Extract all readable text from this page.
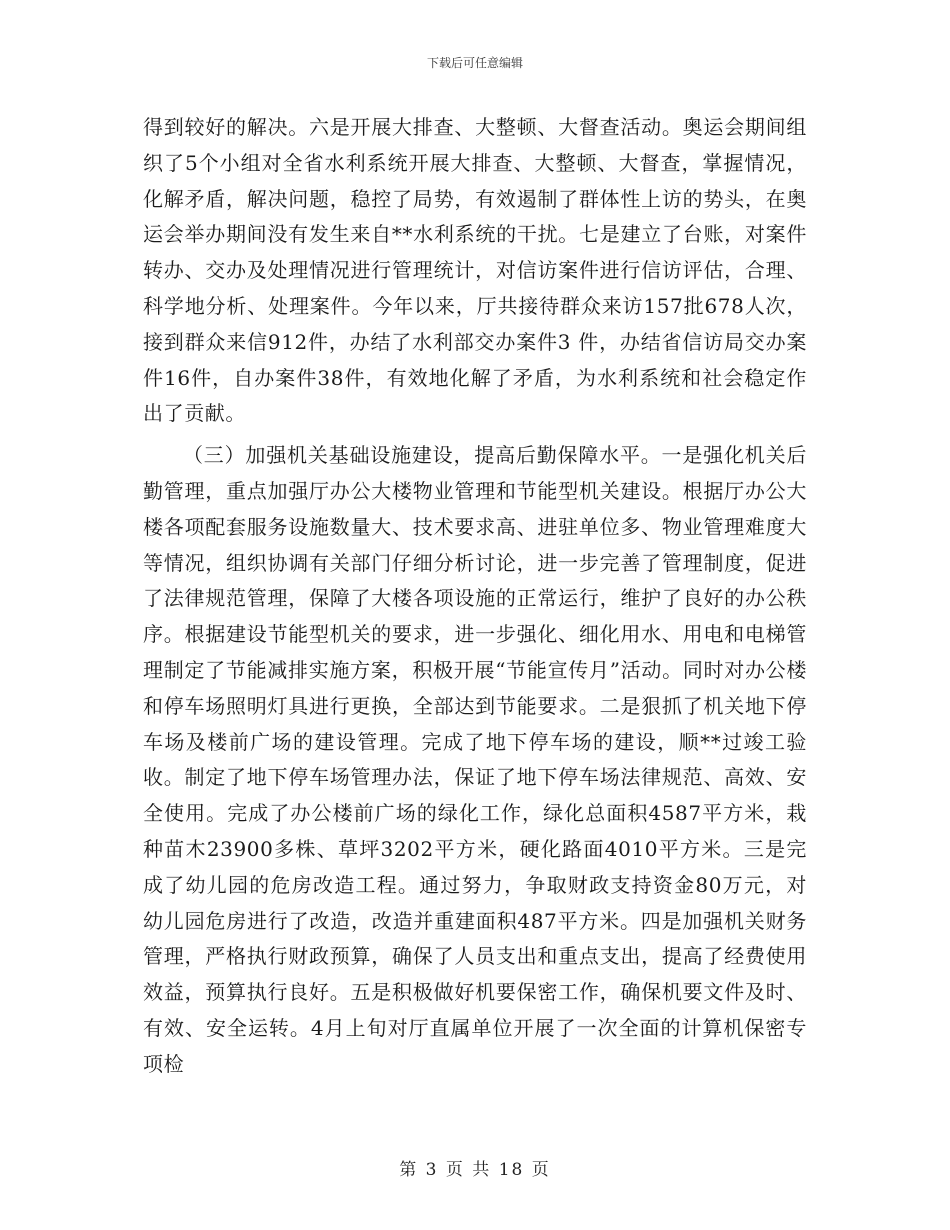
下载后可任意编辑

得到较好的解决。六是开展大排查、大整顿、大督查活动。奥运会期间组织了5个小组对全省水利系统开展大排查、大整顿、大督查，掌握情况，化解矛盾，解决问题，稳控了局势，有效遏制了群体性上访的势头，在奥运会举办期间没有发生来自**水利系统的干扰。七是建立了台账，对案件转办、交办及处理情况进行管理统计，对信访案件进行信访评估，合理、科学地分析、处理案件。今年以来，厅共接待群众来访157批678人次，接到群众来信912件，办结了水利部交办案件3 件，办结省信访局交办案件16件，自办案件38件，有效地化解了矛盾，为水利系统和社会稳定作出了贡献。

（三）加强机关基础设施建设，提高后勤保障水平。一是强化机关后勤管理，重点加强厅办公大楼物业管理和节能型机关建设。根据厅办公大楼各项配套服务设施数量大、技术要求高、进驻单位多、物业管理难度大等情况，组织协调有关部门仔细分析讨论，进一步完善了管理制度，促进了法律规范管理，保障了大楼各项设施的正常运行，维护了良好的办公秩序。根据建设节能型机关的要求，进一步强化、细化用水、用电和电梯管理制定了节能减排实施方案，积极开展“节能宣传月”活动。同时对办公楼和停车场照明灯具进行更换，全部达到节能要求。二是狠抓了机关地下停车场及楼前广场的建设管理。完成了地下停车场的建设，顺**过竣工验收。制定了地下停车场管理办法，保证了地下停车场法律规范、高效、安全使用。完成了办公楼前广场的绿化工作，绿化总面积4587平方米，栽种苗木23900多株、草坪3202平方米，硬化路面4010平方米。三是完成了幼儿园的危房改造工程。通过努力，争取财政支持资金80万元，对幼儿园危房进行了改造，改造并重建面积487平方米。四是加强机关财务管理，严格执行财政预算，确保了人员支出和重点支出，提高了经费使用效益，预算执行良好。五是积极做好机要保密工作，确保机要文件及时、有效、安全运转。4月上旬对厅直属单位开展了一次全面的计算机保密专项检

第 3 页 共 18 页
